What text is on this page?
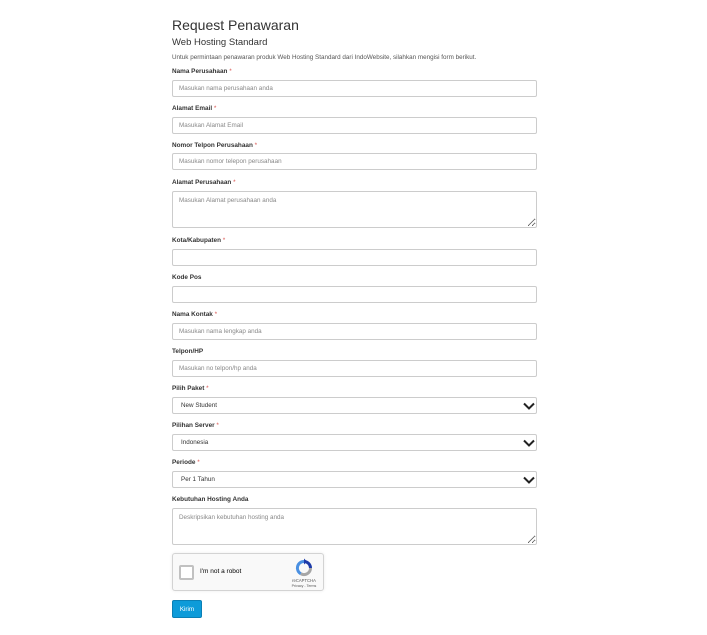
Request Penawaran
Web Hosting Standard
Untuk permintaan penawaran produk Web Hosting Standard dari IndoWebsite, silahkan mengisi form berikut.
Nama Perusahaan *
Masukan nama perusahaan anda
Alamat Email *
Masukan Alamat Email
Nomor Telpon Perusahaan *
Masukan nomor telepon perusahaan
Alamat Perusahaan *
Masukan Alamat perusahaan anda
Kota/Kabupaten *
Kode Pos
Nama Kontak *
Masukan nama lengkap anda
Telpon/HP
Masukan no telpon/hp anda
Pilih Paket *
New Student
Pilihan Server *
Indonesia
Periode *
Per 1 Tahun
Kebutuhan Hosting Anda
Deskripsikan kebutuhan hosting anda
I'm not a robot
reCAPTCHA
Privacy - Terms
Kirim
